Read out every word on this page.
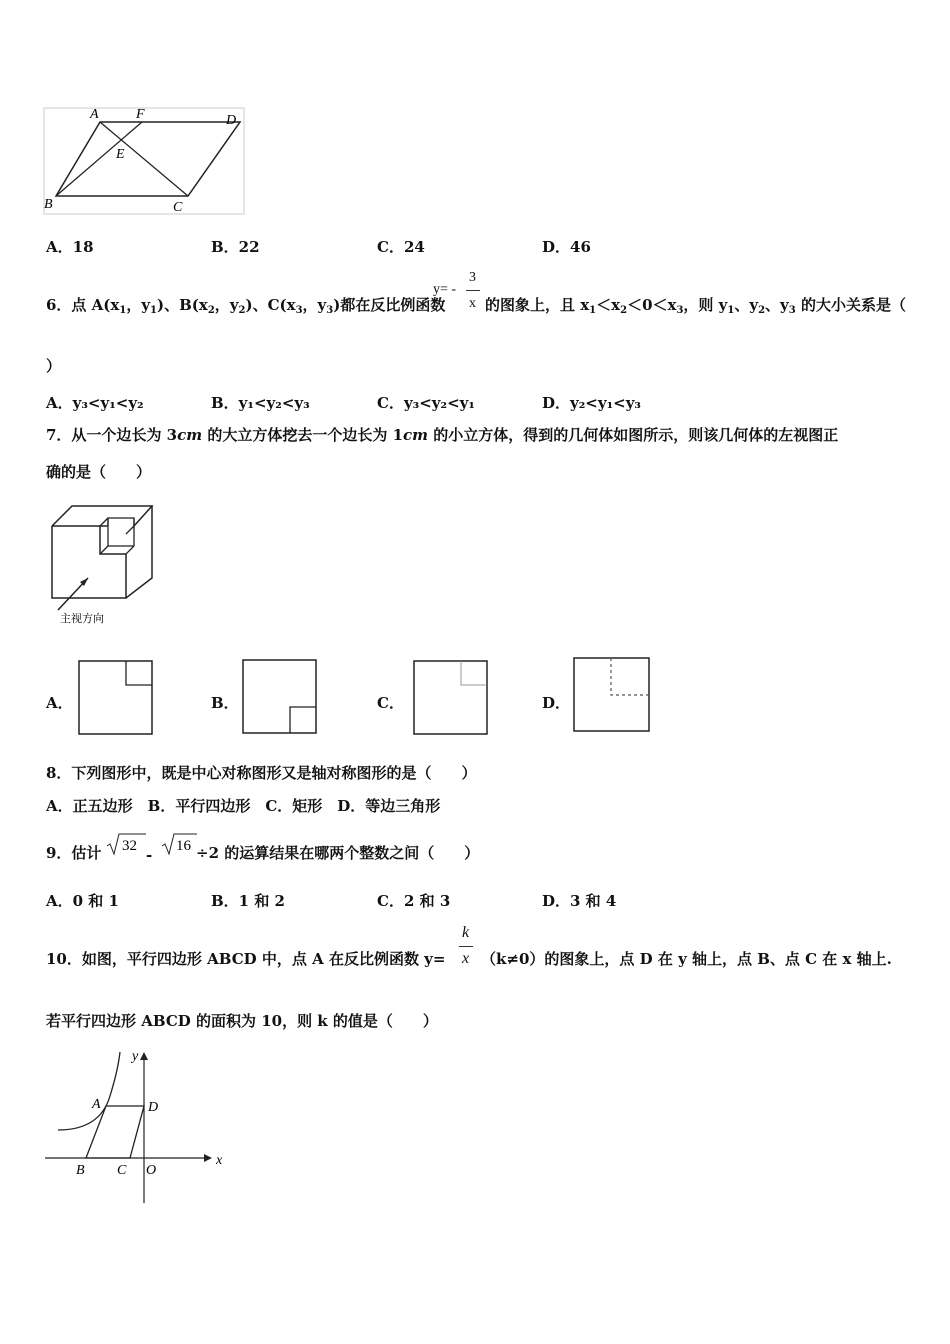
A	F	D
E
B	C
A．18	B．22	C．24	D．46
6．点 $A(x_1$，$y_1$)、$B(x_2$，$y_2$)、$C(x_3$，$y_3$)都在反比例函数
y= -
3
x 的图象上，且 $x_1<x_2<0<x_3$，则 $y_1$、$y_2$、$y_3$ 的大小关系是（
）
A．y₃<y₁<y₂	B．y₁<y₂<y₃	C．y₃<y₂<y₁	D．y₂<y₁<y₃
7．从一个边长为 3cm 的大立方体挖去一个边长为 1cm 的小立方体，得到的几何体如图所示，则该几何体的左视图正
确的是（　　）
主视方向
A．	B．	C．	D．
8．下列图形中，既是中心对称图形又是轴对称图形的是（　　）
A．正五边形　B．平行四边形　C．矩形　D．等边三角形
9．估计 32 - 16 ÷2 的运算结果在哪两个整数之间（　　）
A．0 和 1	B．1 和 2	C．2 和 3	D．3 和 4
10．如图，平行四边形 ABCD 中，点 A 在反比例函数 y=
k
x （k≠0）的图象上，点 D 在 y 轴上，点 B、点 C 在 x 轴上.
若平行四边形 ABCD 的面积为 10，则 k 的值是（　　）
y
A	D
x
B C O
